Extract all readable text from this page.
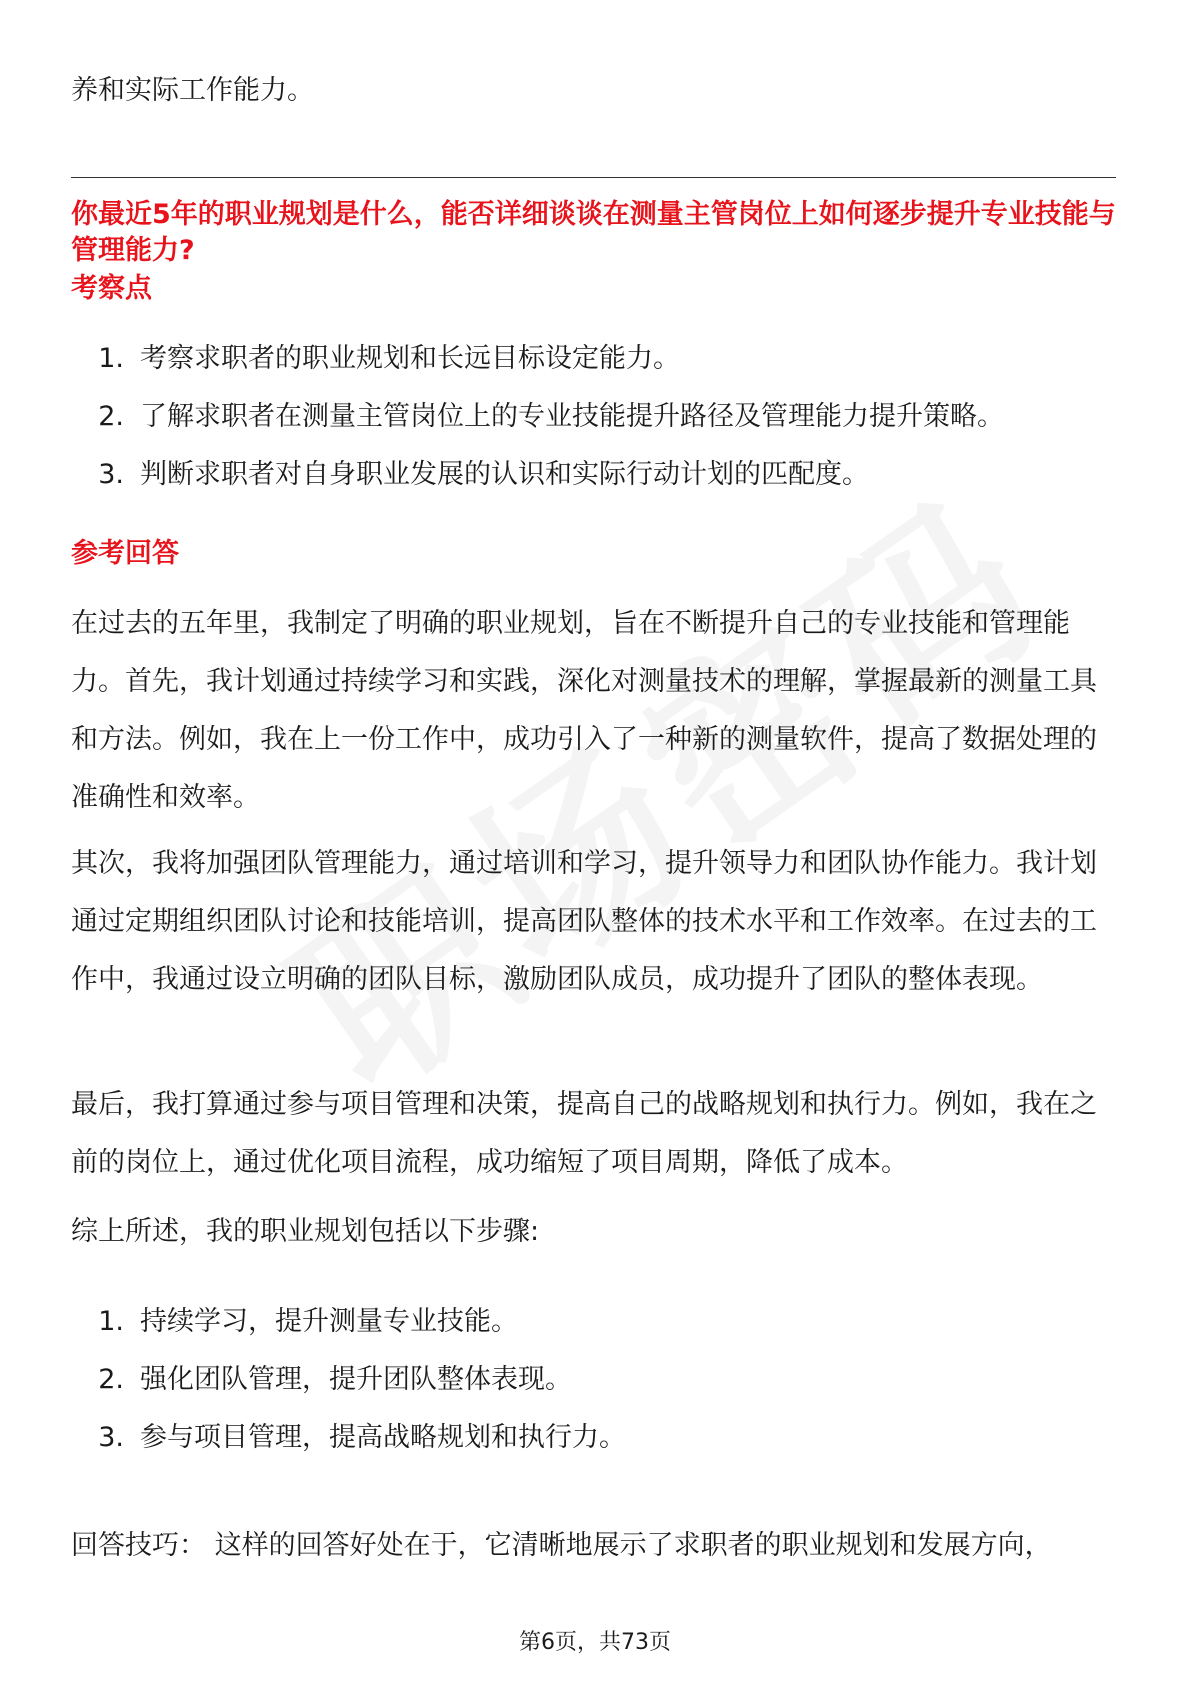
养和实际工作能力。

你最近5年的职业规划是什么，能否详细谈谈在测量主管岗位上如何逐步提升专业技能与管理能力?

考察点

1. 考察求职者的职业规划和长远目标设定能力。
2. 了解求职者在测量主管岗位上的专业技能提升路径及管理能力提升策略。
3. 判断求职者对自身职业发展的认识和实际行动计划的匹配度。

参考回答

在过去的五年里，我制定了明确的职业规划，旨在不断提升自己的专业技能和管理能力。首先，我计划通过持续学习和实践，深化对测量技术的理解，掌握最新的测量工具和方法。例如，我在上一份工作中，成功引入了一种新的测量软件，提高了数据处理的准确性和效率。

其次，我将加强团队管理能力，通过培训和学习，提升领导力和团队协作能力。我计划通过定期组织团队讨论和技能培训，提高团队整体的技术水平和工作效率。在过去的工作中，我通过设立明确的团队目标，激励团队成员，成功提升了团队的整体表现。

最后，我打算通过参与项目管理和决策，提高自己的战略规划和执行力。例如，我在之前的岗位上，通过优化项目流程，成功缩短了项目周期，降低了成本。

综上所述，我的职业规划包括以下步骤:

1. 持续学习，提升测量专业技能。
2. 强化团队管理，提升团队整体表现。
3. 参与项目管理，提高战略规划和执行力。

回答技巧： 这样的回答好处在于，它清晰地展示了求职者的职业规划和发展方向，

第6页，共73页
